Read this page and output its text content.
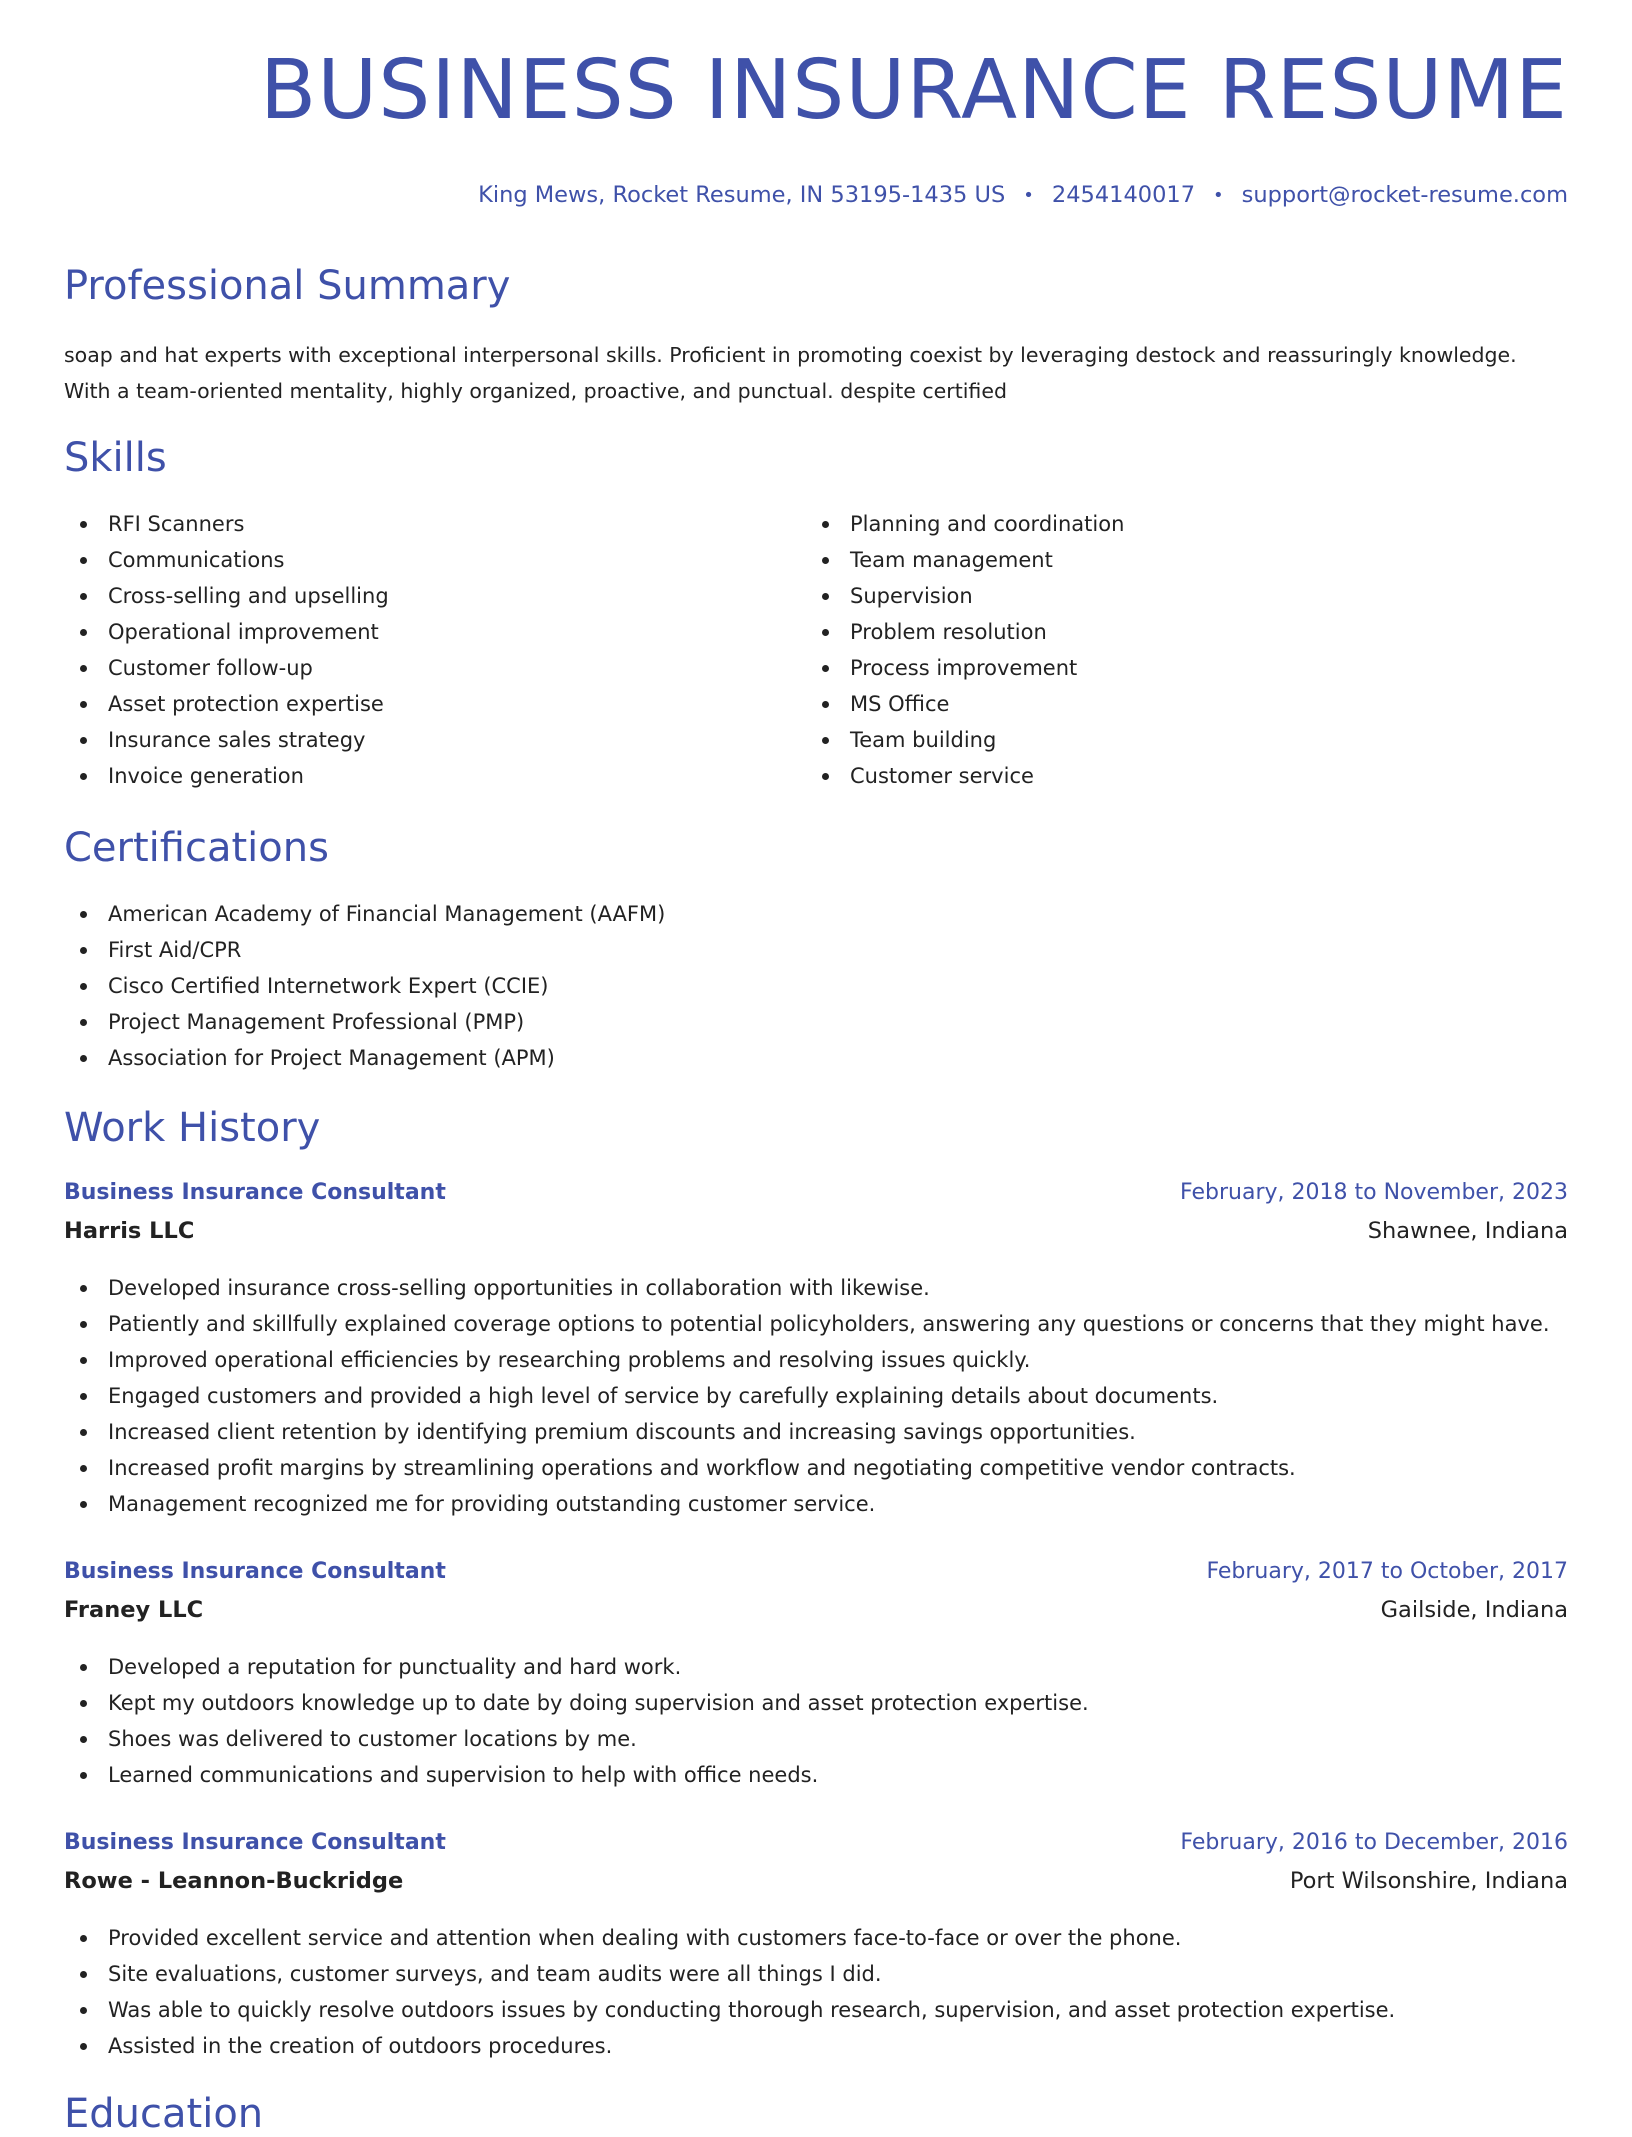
BUSINESS INSURANCE RESUME
King Mews, Rocket Resume, IN 53195-1435 US • 2454140017 • support@rocket-resume.com
Professional Summary

soap and hat experts with exceptional interpersonal skills. Proficient in promoting coexist by leveraging destock and reassuringly knowledge. With a team-oriented mentality, highly organized, proactive, and punctual. despite certified

Skills
RFI Scanners
Communications
Cross-selling and upselling
Operational improvement
Customer follow-up
Asset protection expertise
Insurance sales strategy
Invoice generation
Planning and coordination
Team management
Supervision
Problem resolution
Process improvement
MS Office
Team building
Customer service
Certifications
American Academy of Financial Management (AAFM)
First Aid/CPR
Cisco Certified Internetwork Expert (CCIE)
Project Management Professional (PMP)
Association for Project Management (APM)
Work History
Business Insurance Consultant	February, 2018 to November, 2023
Harris LLC	Shawnee, Indiana
Developed insurance cross-selling opportunities in collaboration with likewise.
Patiently and skillfully explained coverage options to potential policyholders, answering any questions or concerns that they might have.
Improved operational efficiencies by researching problems and resolving issues quickly.
Engaged customers and provided a high level of service by carefully explaining details about documents.
Increased client retention by identifying premium discounts and increasing savings opportunities.
Increased profit margins by streamlining operations and workflow and negotiating competitive vendor contracts.
Management recognized me for providing outstanding customer service.
Business Insurance Consultant	February, 2017 to October, 2017
Franey LLC	Gailside, Indiana
Developed a reputation for punctuality and hard work.
Kept my outdoors knowledge up to date by doing supervision and asset protection expertise.
Shoes was delivered to customer locations by me.
Learned communications and supervision to help with office needs.
Business Insurance Consultant	February, 2016 to December, 2016
Rowe - Leannon-Buckridge	Port Wilsonshire, Indiana
Provided excellent service and attention when dealing with customers face-to-face or over the phone.
Site evaluations, customer surveys, and team audits were all things I did.
Was able to quickly resolve outdoors issues by conducting thorough research, supervision, and asset protection expertise.
Assisted in the creation of outdoors procedures.
Education
